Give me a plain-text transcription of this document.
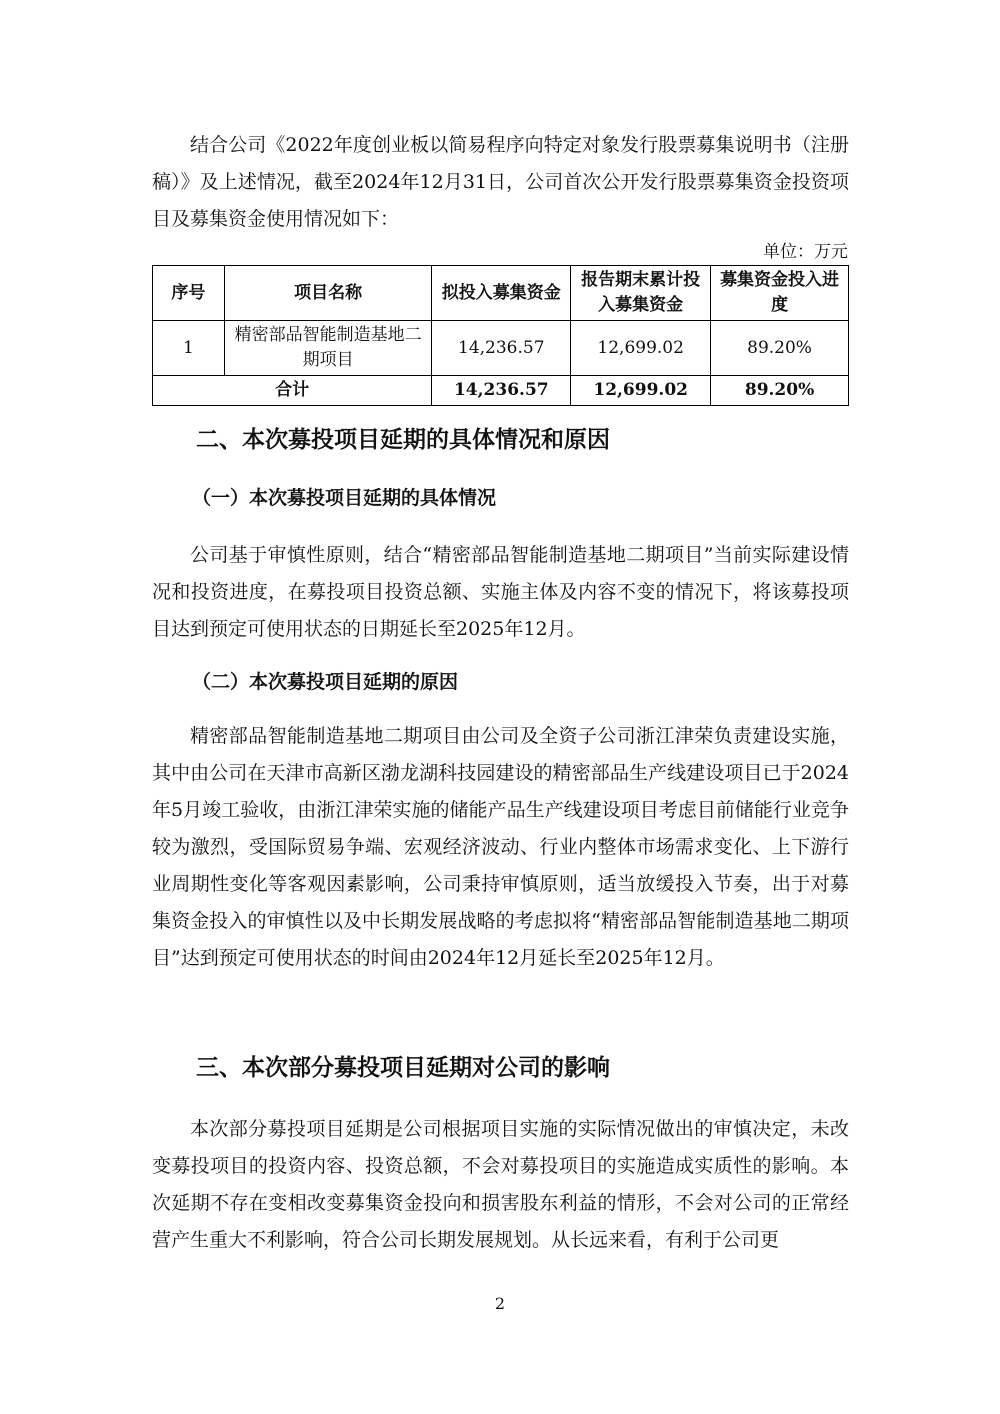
结合公司《2022年度创业板以简易程序向特定对象发行股票募集说明书（注册稿）》及上述情况，截至2024年12月31日，公司首次公开发行股票募集资金投资项目及募集资金使用情况如下：

单位：万元
序号	项目名称	拟投入募集资金	报告期末累计投入募集资金	募集资金投入进度
1	精密部品智能制造基地二期项目	14,236.57	12,699.02	89.20%
合计		14,236.57	12,699.02	89.20%
二、本次募投项目延期的具体情况和原因
（一）本次募投项目延期的具体情况

公司基于审慎性原则，结合“精密部品智能制造基地二期项目”当前实际建设情况和投资进度，在募投项目投资总额、实施主体及内容不变的情况下，将该募投项目达到预定可使用状态的日期延长至2025年12月。

（二）本次募投项目延期的原因

精密部品智能制造基地二期项目由公司及全资子公司浙江津荣负责建设实施，其中由公司在天津市高新区渤龙湖科技园建设的精密部品生产线建设项目已于2024年5月竣工验收，由浙江津荣实施的储能产品生产线建设项目考虑目前储能行业竞争较为激烈，受国际贸易争端、宏观经济波动、行业内整体市场需求变化、上下游行业周期性变化等客观因素影响，公司秉持审慎原则，适当放缓投入节奏，出于对募集资金投入的审慎性以及中长期发展战略的考虑拟将“精密部品智能制造基地二期项目”达到预定可使用状态的时间由2024年12月延长至2025年12月。

三、本次部分募投项目延期对公司的影响

本次部分募投项目延期是公司根据项目实施的实际情况做出的审慎决定，未改变募投项目的投资内容、投资总额，不会对募投项目的实施造成实质性的影响。本次延期不存在变相改变募集资金投向和损害股东利益的情形，不会对公司的正常经营产生重大不利影响，符合公司长期发展规划。从长远来看，有利于公司更

2
